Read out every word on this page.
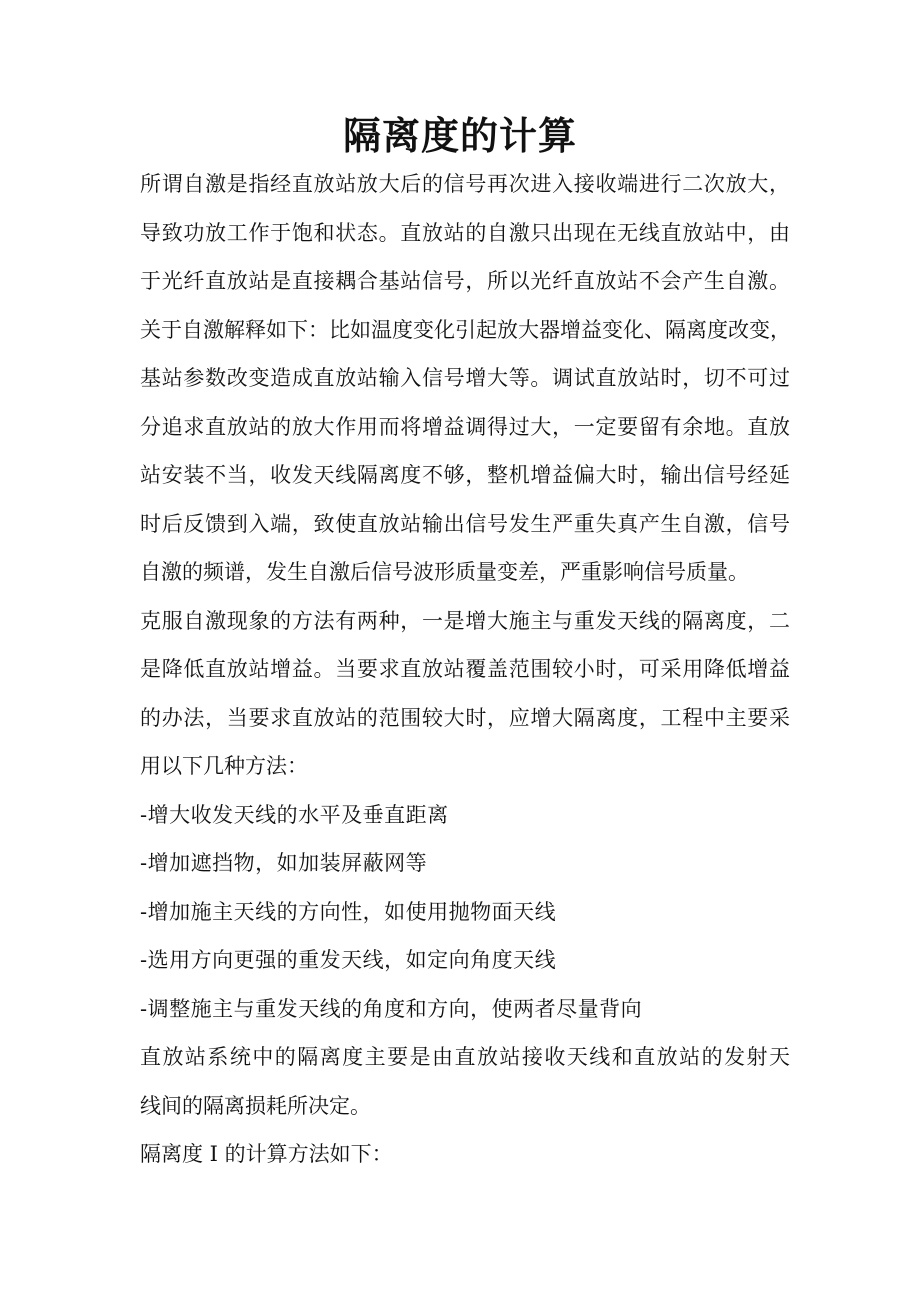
隔离度的计算
所谓自激是指经直放站放大后的信号再次进入接收端进行二次放大，
导致功放工作于饱和状态。直放站的自激只出现在无线直放站中，由
于光纤直放站是直接耦合基站信号，所以光纤直放站不会产生自激。
关于自激解释如下：比如温度变化引起放大器增益变化、隔离度改变，
基站参数改变造成直放站输入信号增大等。调试直放站时，切不可过
分追求直放站的放大作用而将增益调得过大，一定要留有余地。直放
站安装不当，收发天线隔离度不够，整机增益偏大时，输出信号经延
时后反馈到入端，致使直放站输出信号发生严重失真产生自激，信号
自激的频谱，发生自激后信号波形质量变差，严重影响信号质量。
克服自激现象的方法有两种，一是增大施主与重发天线的隔离度，二
是降低直放站增益。当要求直放站覆盖范围较小时，可采用降低增益
的办法，当要求直放站的范围较大时，应增大隔离度，工程中主要采
用以下几种方法：
-增大收发天线的水平及垂直距离
-增加遮挡物，如加装屏蔽网等
-增加施主天线的方向性，如使用抛物面天线
-选用方向更强的重发天线，如定向角度天线
-调整施主与重发天线的角度和方向，使两者尽量背向
直放站系统中的隔离度主要是由直放站接收天线和直放站的发射天
线间的隔离损耗所决定。
隔离度 I 的计算方法如下：
